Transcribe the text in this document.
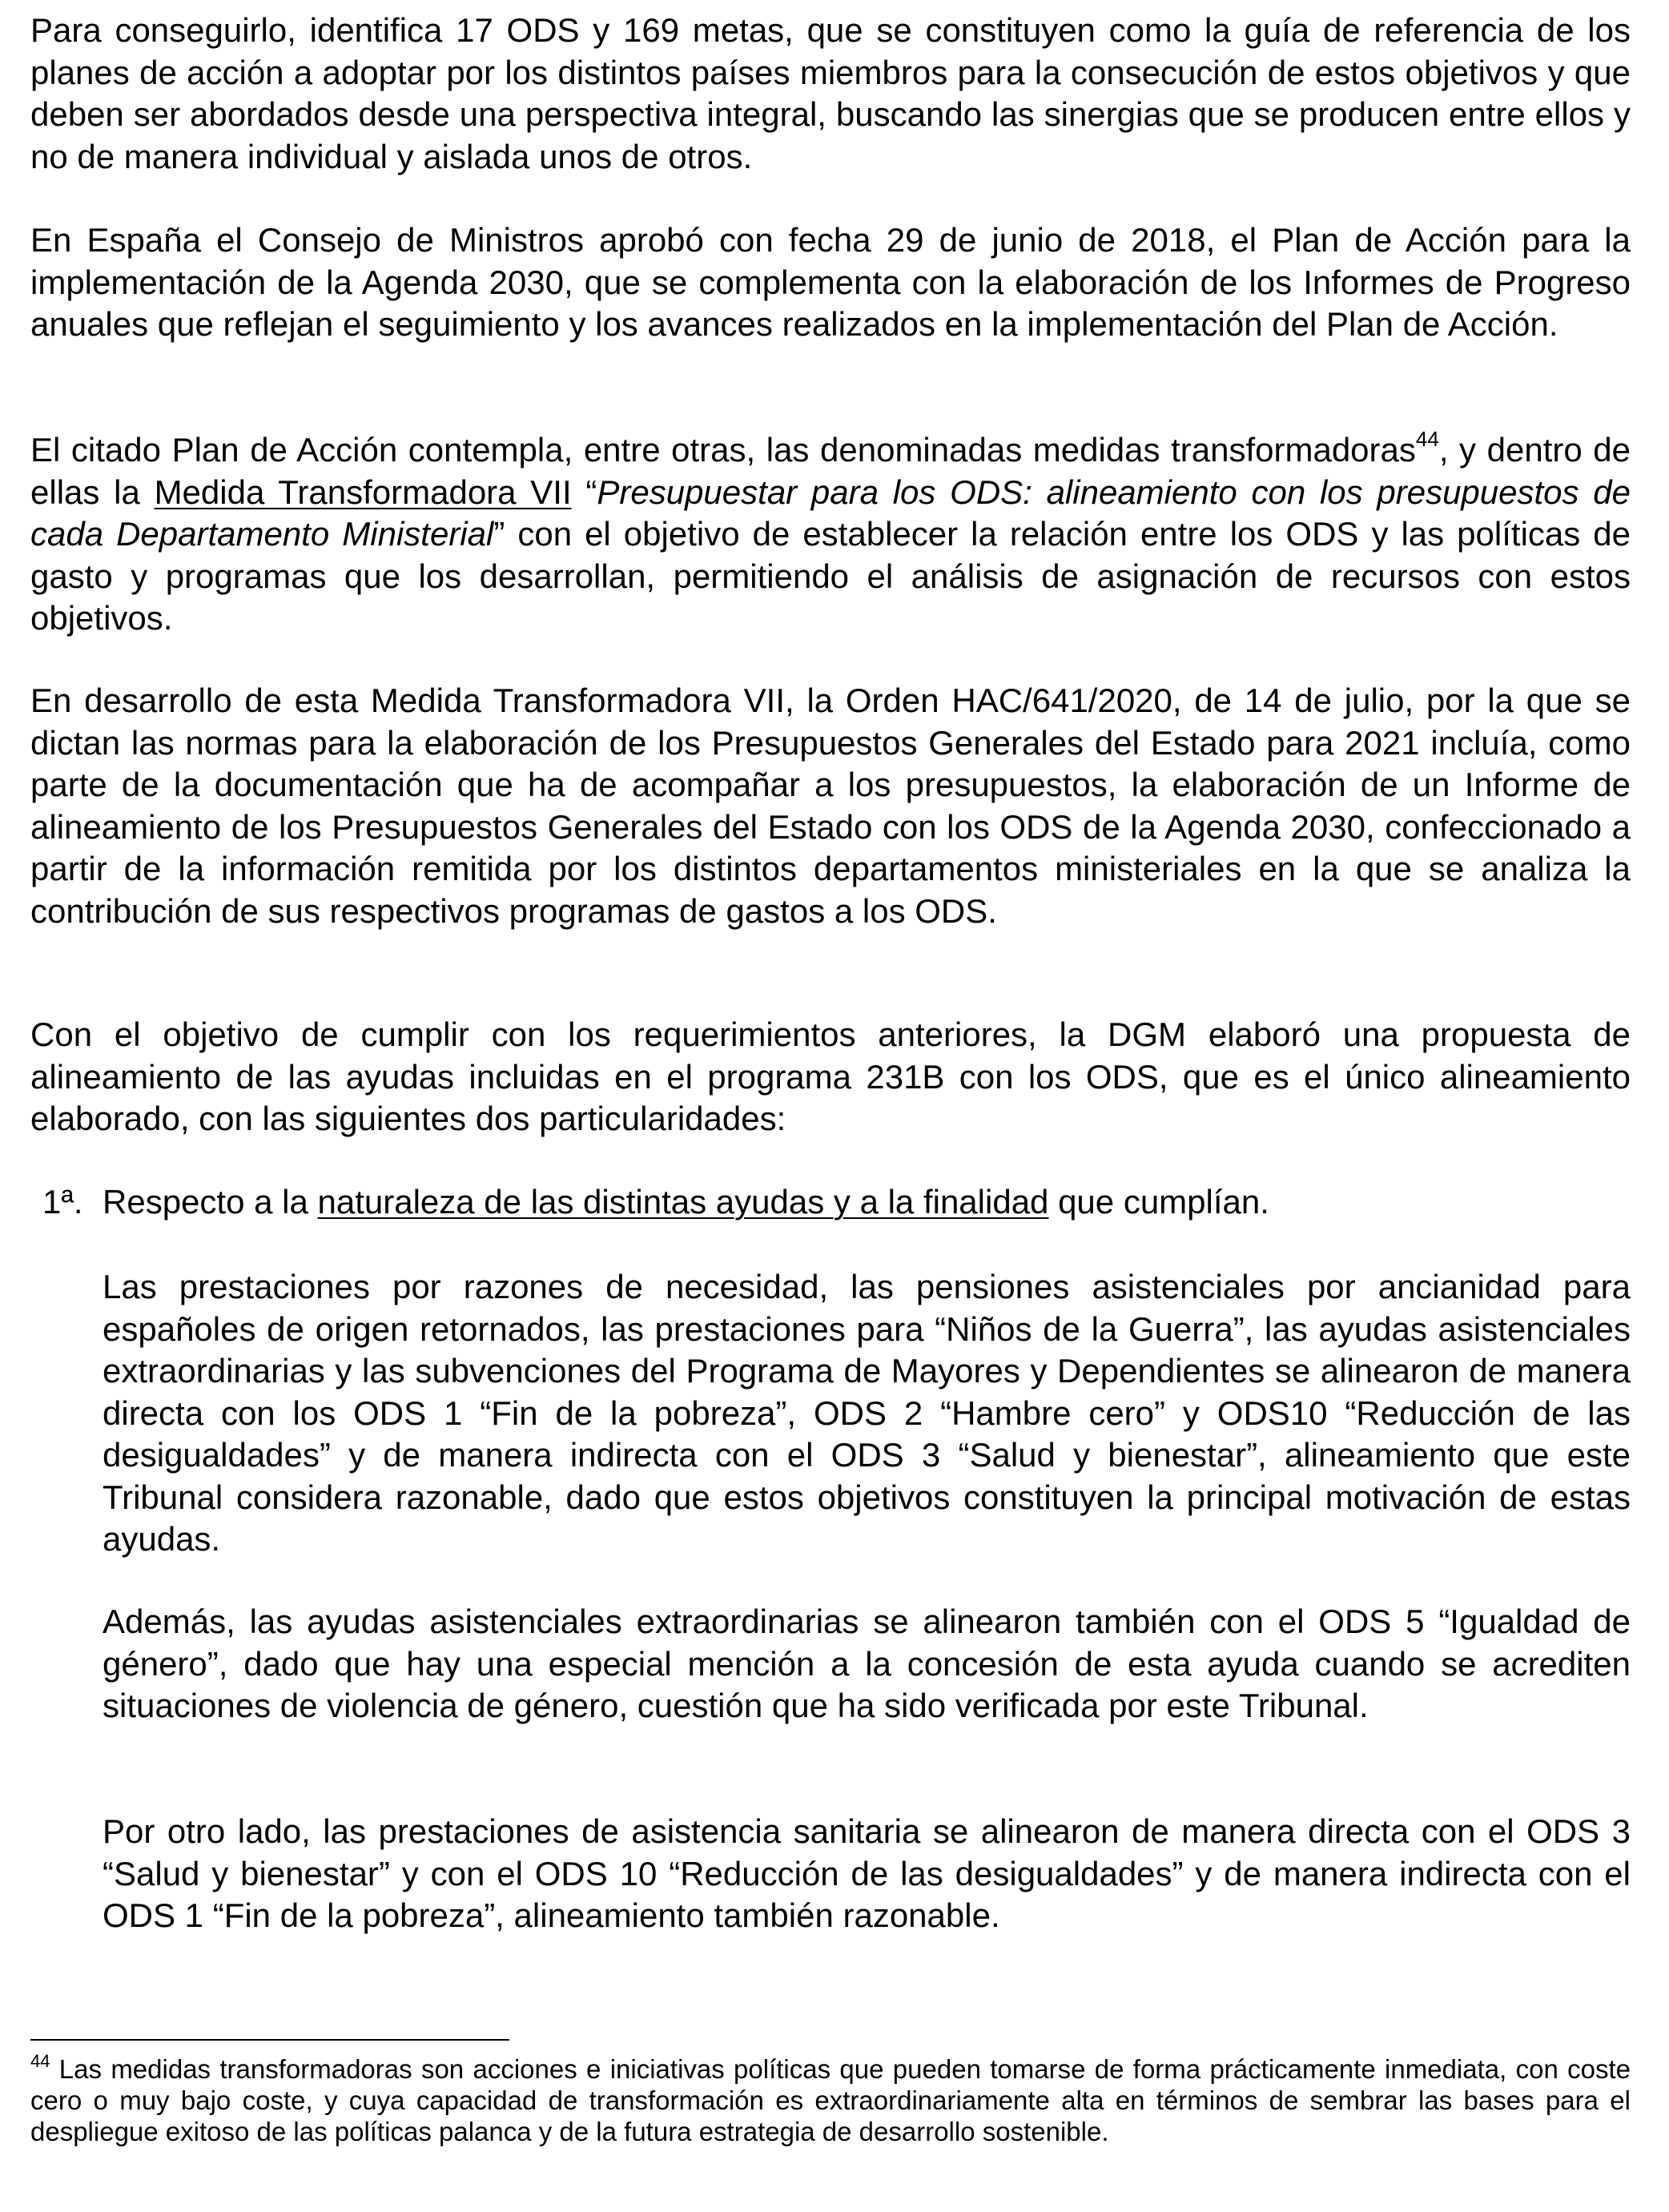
Para conseguirlo, identifica 17 ODS y 169 metas, que se constituyen como la guía de referencia de los planes de acción a adoptar por los distintos países miembros para la consecución de estos objetivos y que deben ser abordados desde una perspectiva integral, buscando las sinergias que se producen entre ellos y no de manera individual y aislada unos de otros.

En España el Consejo de Ministros aprobó con fecha 29 de junio de 2018, el Plan de Acción para la implementación de la Agenda 2030, que se complementa con la elaboración de los Informes de Progreso anuales que reflejan el seguimiento y los avances realizados en la implementación del Plan de Acción.

El citado Plan de Acción contempla, entre otras, las denominadas medidas transformadoras$^{44}$, y dentro de ellas la Medida Transformadora VII “Presupuestar para los ODS: alineamiento con los presupuestos de cada Departamento Ministerial” con el objetivo de establecer la relación entre los ODS y las políticas de gasto y programas que los desarrollan, permitiendo el análisis de asignación de recursos con estos objetivos.

En desarrollo de esta Medida Transformadora VII, la Orden HAC/641/2020, de 14 de julio, por la que se dictan las normas para la elaboración de los Presupuestos Generales del Estado para 2021 incluía, como parte de la documentación que ha de acompañar a los presupuestos, la elaboración de un Informe de alineamiento de los Presupuestos Generales del Estado con los ODS de la Agenda 2030, confeccionado a partir de la información remitida por los distintos departamentos ministeriales en la que se analiza la contribución de sus respectivos programas de gastos a los ODS.

Con el objetivo de cumplir con los requerimientos anteriores, la DGM elaboró una propuesta de alineamiento de las ayudas incluidas en el programa 231B con los ODS, que es el único alineamiento elaborado, con las siguientes dos particularidades:

1ª. Respecto a la naturaleza de las distintas ayudas y a la finalidad que cumplían.

Las prestaciones por razones de necesidad, las pensiones asistenciales por ancianidad para españoles de origen retornados, las prestaciones para “Niños de la Guerra”, las ayudas asistenciales extraordinarias y las subvenciones del Programa de Mayores y Dependientes se alinearon de manera directa con los ODS 1 “Fin de la pobreza”, ODS 2 “Hambre cero” y ODS10 “Reducción de las desigualdades” y de manera indirecta con el ODS 3 “Salud y bienestar”, alineamiento que este Tribunal considera razonable, dado que estos objetivos constituyen la principal motivación de estas ayudas.

Además, las ayudas asistenciales extraordinarias se alinearon también con el ODS 5 “Igualdad de género”, dado que hay una especial mención a la concesión de esta ayuda cuando se acrediten situaciones de violencia de género, cuestión que ha sido verificada por este Tribunal.

Por otro lado, las prestaciones de asistencia sanitaria se alinearon de manera directa con el ODS 3 “Salud y bienestar” y con el ODS 10 “Reducción de las desigualdades” y de manera indirecta con el ODS 1 “Fin de la pobreza”, alineamiento también razonable.

$^{44}$ Las medidas transformadoras son acciones e iniciativas políticas que pueden tomarse de forma prácticamente inmediata, con coste cero o muy bajo coste, y cuya capacidad de transformación es extraordinariamente alta en términos de sembrar las bases para el despliegue exitoso de las políticas palanca y de la futura estrategia de desarrollo sostenible.
